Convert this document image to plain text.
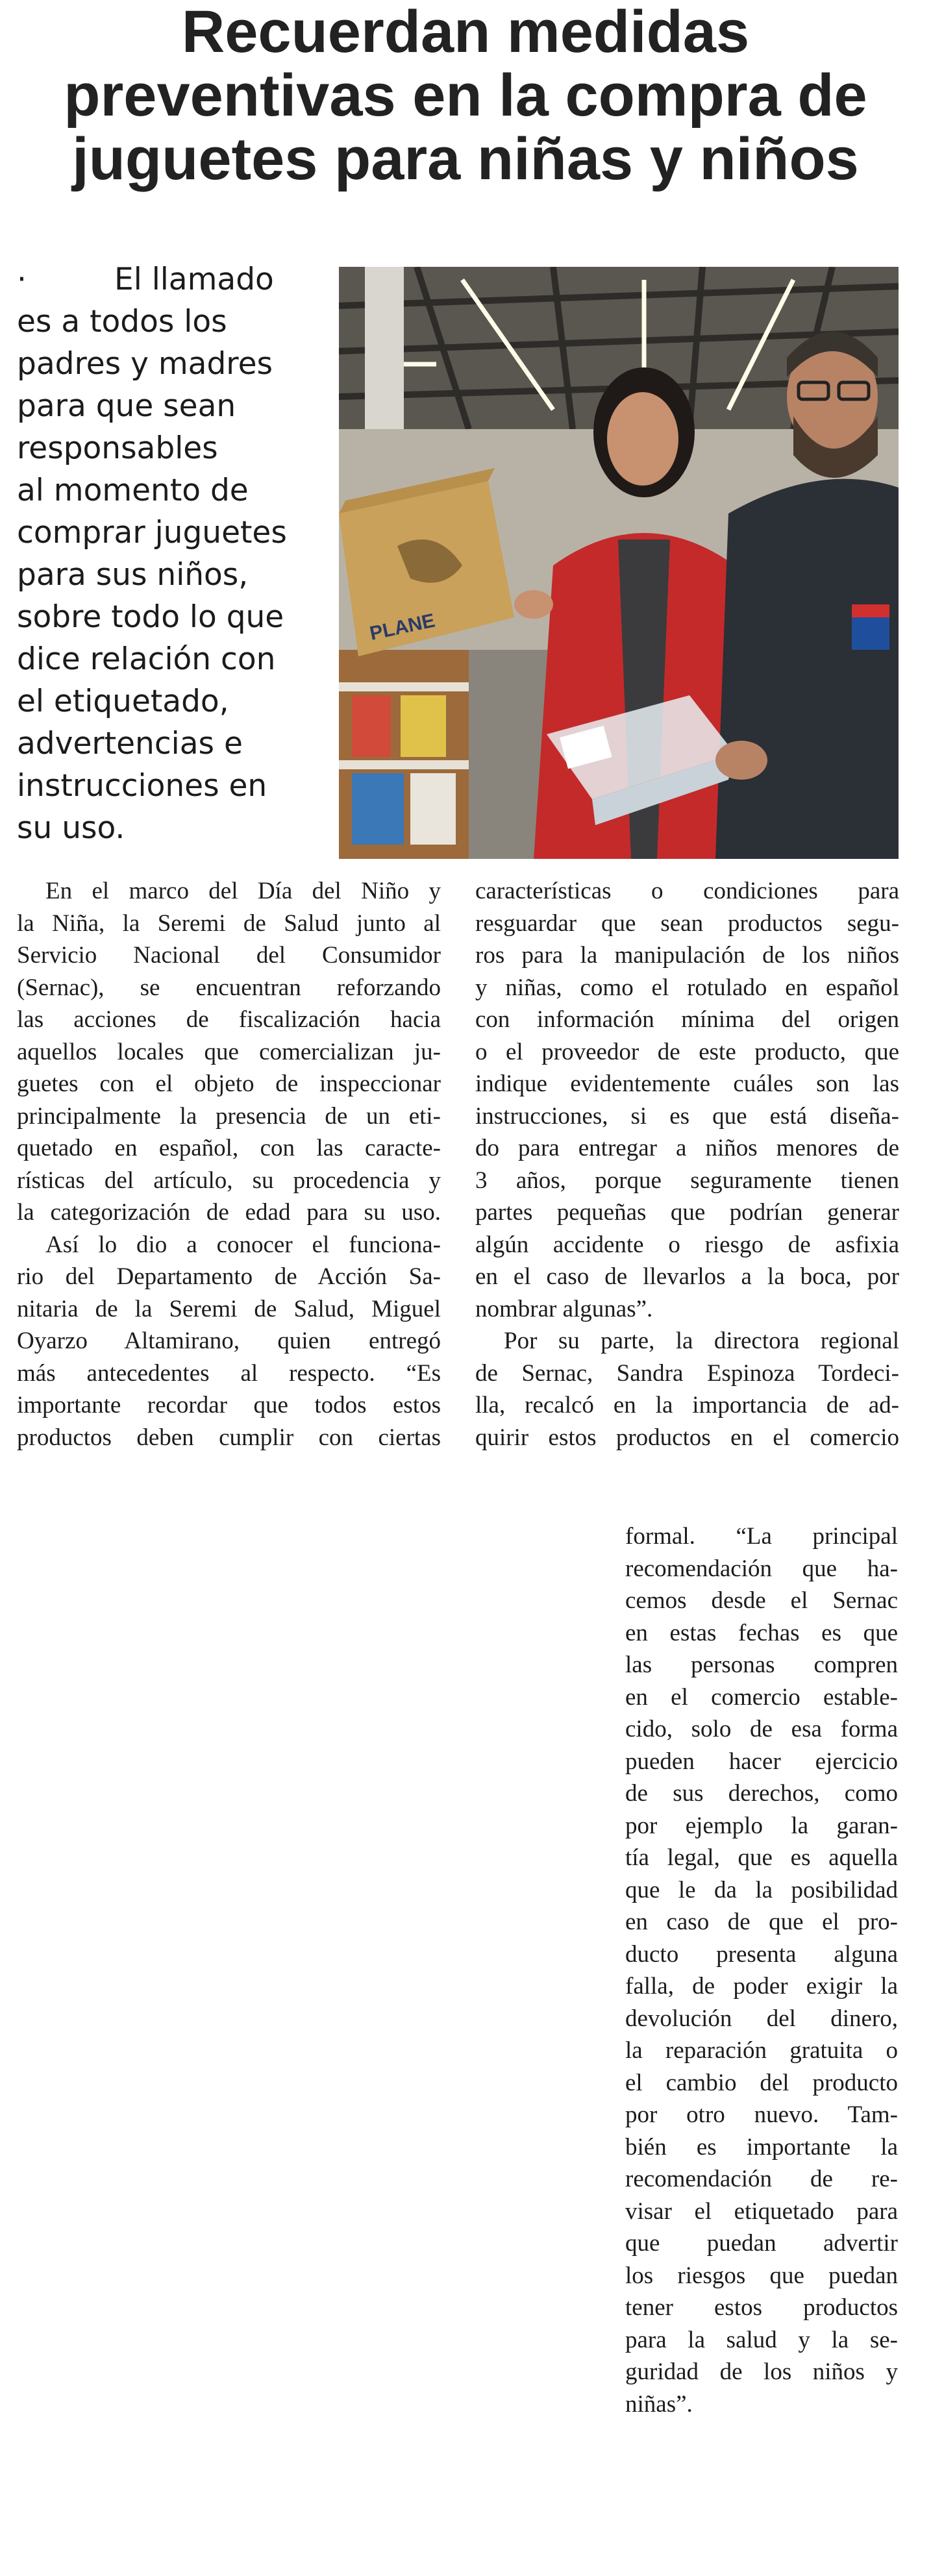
Recuerdan medidas
preventivas en la compra de
juguetes para niñas y niños
·	El llamado
es a todos los
padres y madres
para que sean
responsables
al momento de
comprar juguetes
para sus niños,
sobre todo lo que
dice relación con
el etiquetado,
advertencias e
instrucciones en
su uso.
PLANE
En el marco del Día del Niño y
la Niña, la Seremi de Salud junto al
Servicio Nacional del Consumidor
(Sernac), se encuentran reforzando
las acciones de fiscalización hacia
aquellos locales que comercializan ju-
guetes con el objeto de inspeccionar
principalmente la presencia de un eti-
quetado en español, con las caracte-
rísticas del artículo, su procedencia y
la categorización de edad para su uso.
Así lo dio a conocer el funciona-
rio del Departamento de Acción Sa-
nitaria de la Seremi de Salud, Miguel
Oyarzo Altamirano, quien entregó
más antecedentes al respecto. “Es
importante recordar que todos estos
productos deben cumplir con ciertas
características o condiciones para
resguardar que sean productos segu-
ros para la manipulación de los niños
y niñas, como el rotulado en español
con información mínima del origen
o el proveedor de este producto, que
indique evidentemente cuáles son las
instrucciones, si es que está diseña-
do para entregar a niños menores de
3 años, porque seguramente tienen
partes pequeñas que podrían generar
algún accidente o riesgo de asfixia
en el caso de llevarlos a la boca, por
nombrar algunas”.
Por su parte, la directora regional
de Sernac, Sandra Espinoza Tordeci-
lla, recalcó en la importancia de ad-
quirir estos productos en el comercio
formal. “La principal
recomendación que ha-
cemos desde el Sernac
en estas fechas es que
las personas compren
en el comercio estable-
cido, solo de esa forma
pueden hacer ejercicio
de sus derechos, como
por ejemplo la garan-
tía legal, que es aquella
que le da la posibilidad
en caso de que el pro-
ducto presenta alguna
falla, de poder exigir la
devolución del dinero,
la reparación gratuita o
el cambio del producto
por otro nuevo. Tam-
bién es importante la
recomendación de re-
visar el etiquetado para
que puedan advertir
los riesgos que puedan
tener estos productos
para la salud y la se-
guridad de los niños y
niñas”.
